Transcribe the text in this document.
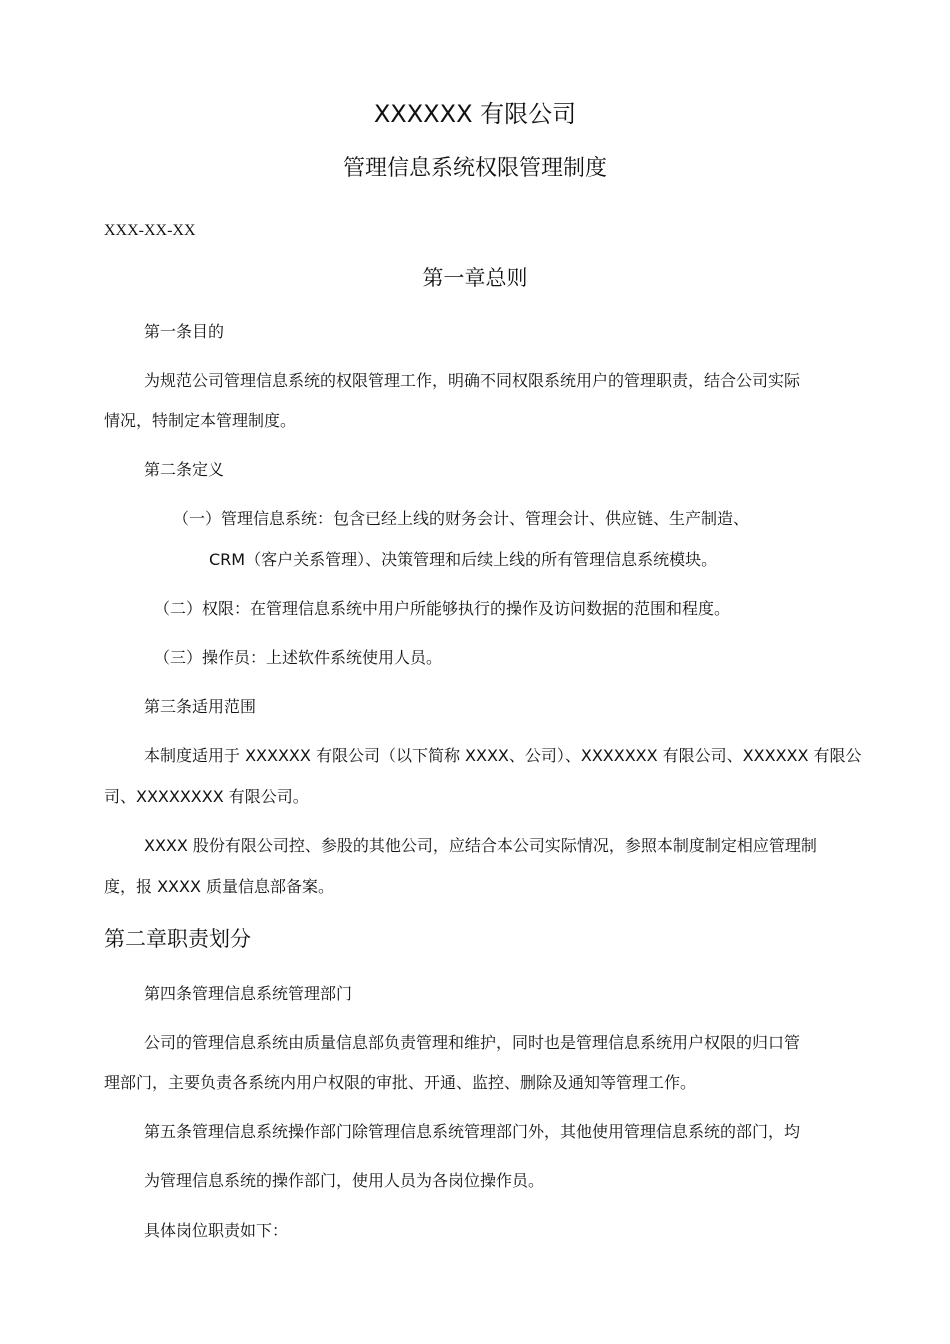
XXXXXX 有限公司
管理信息系统权限管理制度
XXX-XX-XX
第一章总则
第一条目的
为规范公司管理信息系统的权限管理工作，明确不同权限系统用户的管理职责，结合公司实际
情况，特制定本管理制度。
第二条定义
（一）管理信息系统：包含已经上线的财务会计、管理会计、供应链、生产制造、
CRM（客户关系管理）、决策管理和后续上线的所有管理信息系统模块。
（二）权限：在管理信息系统中用户所能够执行的操作及访问数据的范围和程度。
（三）操作员：上述软件系统使用人员。
第三条适用范围
本制度适用于 XXXXXX 有限公司（以下简称 XXXX、公司）、XXXXXXX 有限公司、XXXXXX 有限公
司、XXXXXXXX 有限公司。
XXXX 股份有限公司控、参股的其他公司，应结合本公司实际情况，参照本制度制定相应管理制
度，报 XXXX 质量信息部备案。
第二章职责划分
第四条管理信息系统管理部门
公司的管理信息系统由质量信息部负责管理和维护，同时也是管理信息系统用户权限的归口管
理部门，主要负责各系统内用户权限的审批、开通、监控、删除及通知等管理工作。
第五条管理信息系统操作部门除管理信息系统管理部门外，其他使用管理信息系统的部门，均
为管理信息系统的操作部门，使用人员为各岗位操作员。
具体岗位职责如下：
